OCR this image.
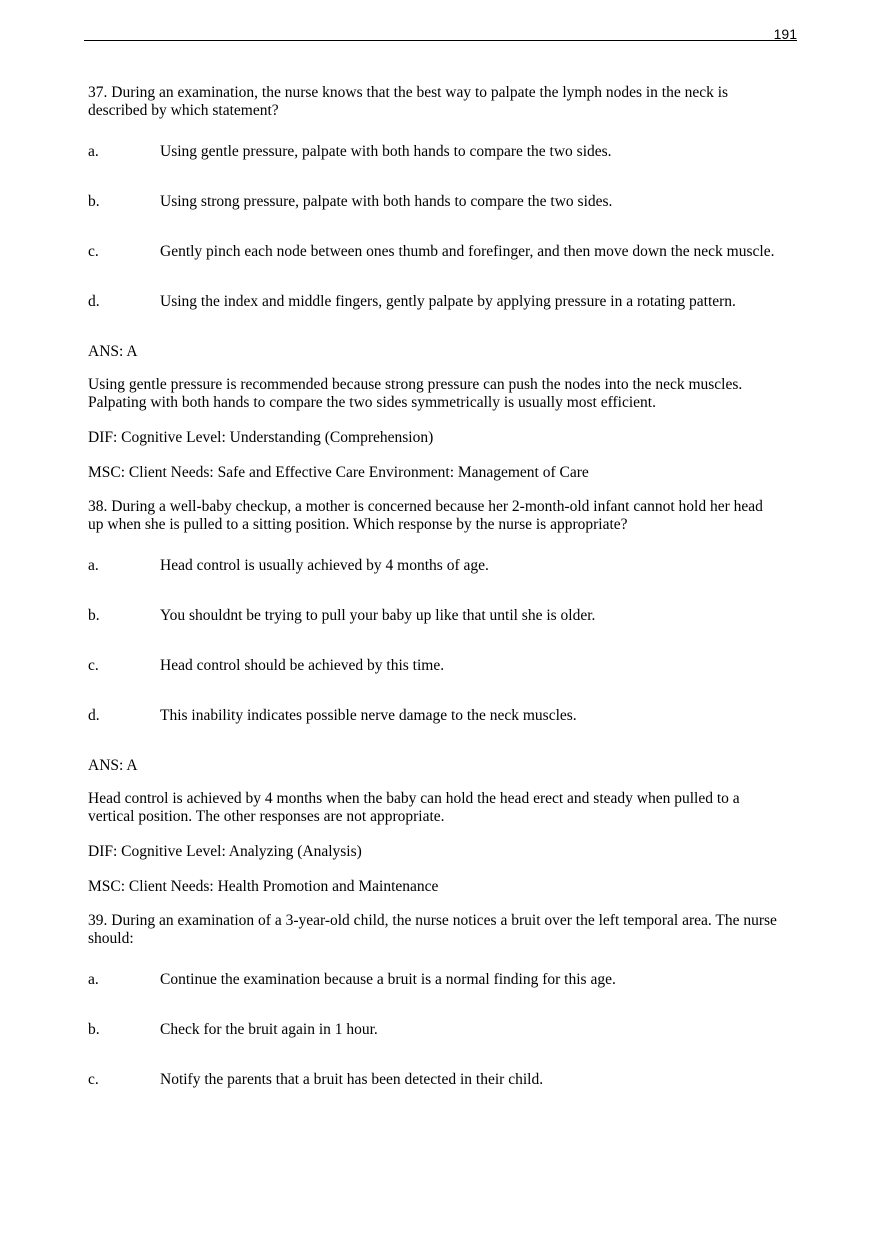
191
37. During an examination, the nurse knows that the best way to palpate the lymph nodes in the neck is
described by which statement?
a.	Using gentle pressure, palpate with both hands to compare the two sides.
b.	Using strong pressure, palpate with both hands to compare the two sides.
c.	Gently pinch each node between ones thumb and forefinger, and then move down the neck muscle.
d.	Using the index and middle fingers, gently palpate by applying pressure in a rotating pattern.
ANS: A
Using gentle pressure is recommended because strong pressure can push the nodes into the neck muscles.
Palpating with both hands to compare the two sides symmetrically is usually most efficient.
DIF: Cognitive Level: Understanding (Comprehension)
MSC: Client Needs: Safe and Effective Care Environment: Management of Care
38. During a well-baby checkup, a mother is concerned because her 2-month-old infant cannot hold her head
up when she is pulled to a sitting position. Which response by the nurse is appropriate?
a.	Head control is usually achieved by 4 months of age.
b.	You shouldnt be trying to pull your baby up like that until she is older.
c.	Head control should be achieved by this time.
d.	This inability indicates possible nerve damage to the neck muscles.
ANS: A
Head control is achieved by 4 months when the baby can hold the head erect and steady when pulled to a
vertical position. The other responses are not appropriate.
DIF: Cognitive Level: Analyzing (Analysis)
MSC: Client Needs: Health Promotion and Maintenance
39. During an examination of a 3-year-old child, the nurse notices a bruit over the left temporal area. The nurse
should:
a.	Continue the examination because a bruit is a normal finding for this age.
b.	Check for the bruit again in 1 hour.
c.	Notify the parents that a bruit has been detected in their child.
